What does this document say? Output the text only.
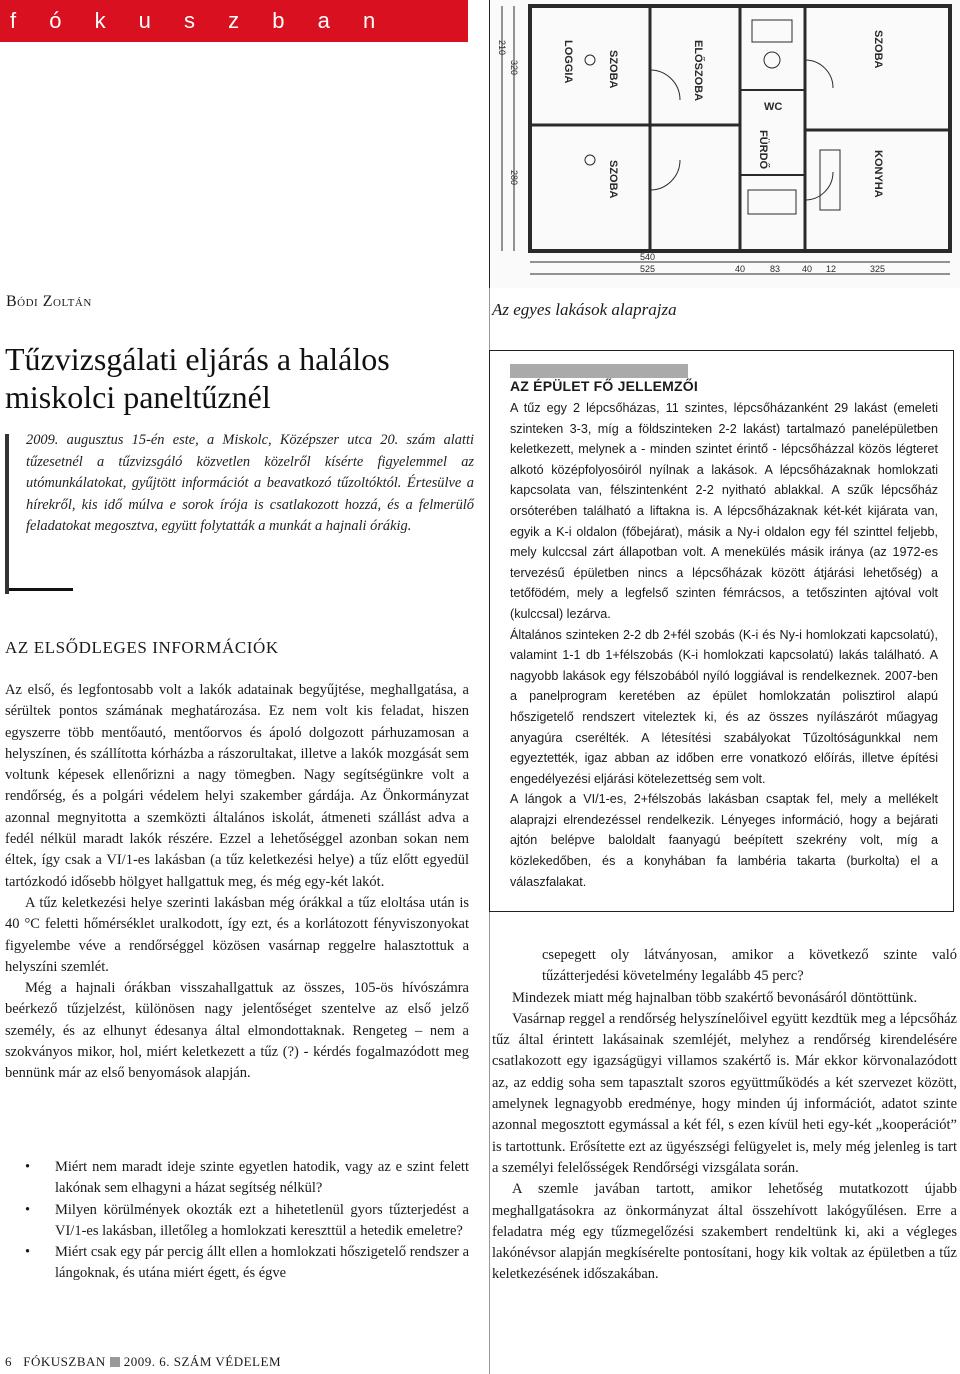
f ó k u s z b a n
LOGGIA	SZOBA
SZOBA
ELŐSZOBA
FÜRDŐ
KONYHA
SZOBA
WC
540
525	40	83 40 12	325
210
320
280
Az egyes lakások alaprajza
Bódi Zoltán
Tűzvizsgálati eljárás a halálos miskolci paneltűznél
2009. augusztus 15-én este, a Miskolc, Középszer utca 20. szám alatti tűzesetnél a tűzvizsgáló közvetlen közelről kísérte figyelemmel az utómunkálatokat, gyűjtött információt a beavatkozó tűzoltóktól. Értesülve a hírekről, kis idő múlva e sorok írója is csatlakozott hozzá, és a felmerülő feladatokat megosztva, együtt folytatták a munkát a hajnali órákig.
AZ ELSŐDLEGES INFORMÁCIÓK

Az első, és legfontosabb volt a lakók adatainak begyűjtése, meghallgatása, a sérültek pontos számának meghatározása. Ez nem volt kis feladat, hiszen egyszerre több mentőautó, mentőorvos és ápoló dolgozott párhuzamosan a helyszínen, és szállította kórházba a rászorultakat, illetve a lakók mozgását sem voltunk képesek ellenőrizni a nagy tömegben. Nagy segítségünkre volt a rendőrség, és a polgári védelem helyi szakember gárdája. Az Önkormányzat azonnal megnyitotta a szemközti általános iskolát, átmeneti szállást adva a fedél nélkül maradt lakók részére. Ezzel a lehetőséggel azonban sokan nem éltek, így csak a VI/1-es lakásban (a tűz keletkezési helye) a tűz előtt egyedül tartózkodó idősebb hölgyet hallgattuk meg, és még egy-két lakót.

A tűz keletkezési helye szerinti lakásban még órákkal a tűz eloltása után is 40 °C feletti hőmérséklet uralkodott, így ezt, és a korlátozott fényviszonyokat figyelembe véve a rendőrséggel közösen vasárnap reggelre halasztottuk a helyszíni szemlét.

Még a hajnali órákban visszahallgattuk az összes, 105-ös hívószámra beérkező tűzjelzést, különösen nagy jelentőséget szentelve az első jelző személy, és az elhunyt édesanya által elmondottaknak. Rengeteg – nem a szokványos mikor, hol, miért keletkezett a tűz (?) - kérdés fogalmazódott meg bennünk már az első benyomások alapján.

• Miért nem maradt ideje szinte egyetlen hatodik, vagy az e szint felett lakónak sem elhagyni a házat segítség nélkül?
• Milyen körülmények okozták ezt a hihetetlenül gyors tűzterjedést a VI/1-es lakásban, illetőleg a homlokzati kereszttül a hetedik emeletre?
• Miért csak egy pár percig állt ellen a homlokzati hőszigetelő rendszer a lángoknak, és utána miért égett, és égve
6 FÓKUSZBAN 2009. 6. SZÁM VÉDELEM
AZ ÉPÜLET FŐ JELLEMZŐI

A tűz egy 2 lépcsőházas, 11 szintes, lépcsőházanként 29 lakást (emeleti szinteken 3-3, míg a földszinteken 2-2 lakást) tartalmazó panelépületben keletkezett, melynek a - minden szintet érintő - lépcsőházzal közös légteret alkotó középfolyosóiról nyílnak a lakások. A lépcsőházaknak homlokzati kapcsolata van, félszintenként 2-2 nyitható ablakkal. A szűk lépcsőház orsóterében található a liftakna is. A lépcsőházaknak két-két kijárata van, egyik a K-i oldalon (főbejárat), másik a Ny-i oldalon egy fél szinttel feljebb, mely kulccsal zárt állapotban volt. A menekülés másik iránya (az 1972-es tervezésű épületben nincs a lépcsőházak között átjárási lehetőség) a tetőfödém, mely a legfelső szinten fémrácsos, a tetőszinten ajtóval volt (kulccsal) lezárva.

Általános szinteken 2-2 db 2+fél szobás (K-i és Ny-i homlokzati kapcsolatú), valamint 1-1 db 1+félszobás (K-i homlokzati kapcsolatú) lakás található. A nagyobb lakások egy félszobából nyíló loggiával is rendelkeznek. 2007-ben a panelprogram keretében az épület homlokzatán polisztirol alapú hőszigetelő rendszert viteleztek ki, és az összes nyílászárót műagyag anyagúra cserélték. A létesítési szabályokat Tűzoltóságunkkal nem egyeztették, igaz abban az időben erre vonatkozó előírás, illetve építési engedélyezési eljárási kötelezettség sem volt.

A lángok a VI/1-es, 2+félszobás lakásban csaptak fel, mely a mellékelt alaprajzi elrendezéssel rendelkezik. Lényeges információ, hogy a bejárati ajtón belépve baloldalt faanyagú beépített szekrény volt, míg a közlekedőben, és a konyhában fa lambéria takarta (burkolta) el a válaszfalakat.

csepegett oly látványosan, amikor a következő szinte való tűzátterjedési követelmény legalább 45 perc?

Mindezek miatt még hajnalban több szakértő bevonásáról döntöttünk.

Vasárnap reggel a rendőrség helyszínelőivel együtt kezdtük meg a lépcsőház tűz által érintett lakásainak szemléjét, melyhez a rendőrség kirendelésére csatlakozott egy igazságügyi villamos szakértő is. Már ekkor körvonalazódott az, az eddig soha sem tapasztalt szoros együttműködés a két szervezet között, amelynek legnagyobb eredménye, hogy minden új információt, adatot szinte azonnal megosztott egymással a két fél, s ezen kívül heti egy-két „kooperációt” is tartottunk. Erősítette ezt az ügyészségi felügyelet is, mely még jelenleg is tart a személyi felelősségek Rendőrségi vizsgálata során.

A szemle javában tartott, amikor lehetőség mutatkozott újabb meghallgatásokra az önkormányzat által összehívott lakógyűlésen. Erre a feladatra még egy tűzmegelőzési szakembert rendeltünk ki, aki a végleges lakónévsor alapján megkísérelte pontosítani, hogy kik voltak az épületben a tűz keletkezésének időszakában.
